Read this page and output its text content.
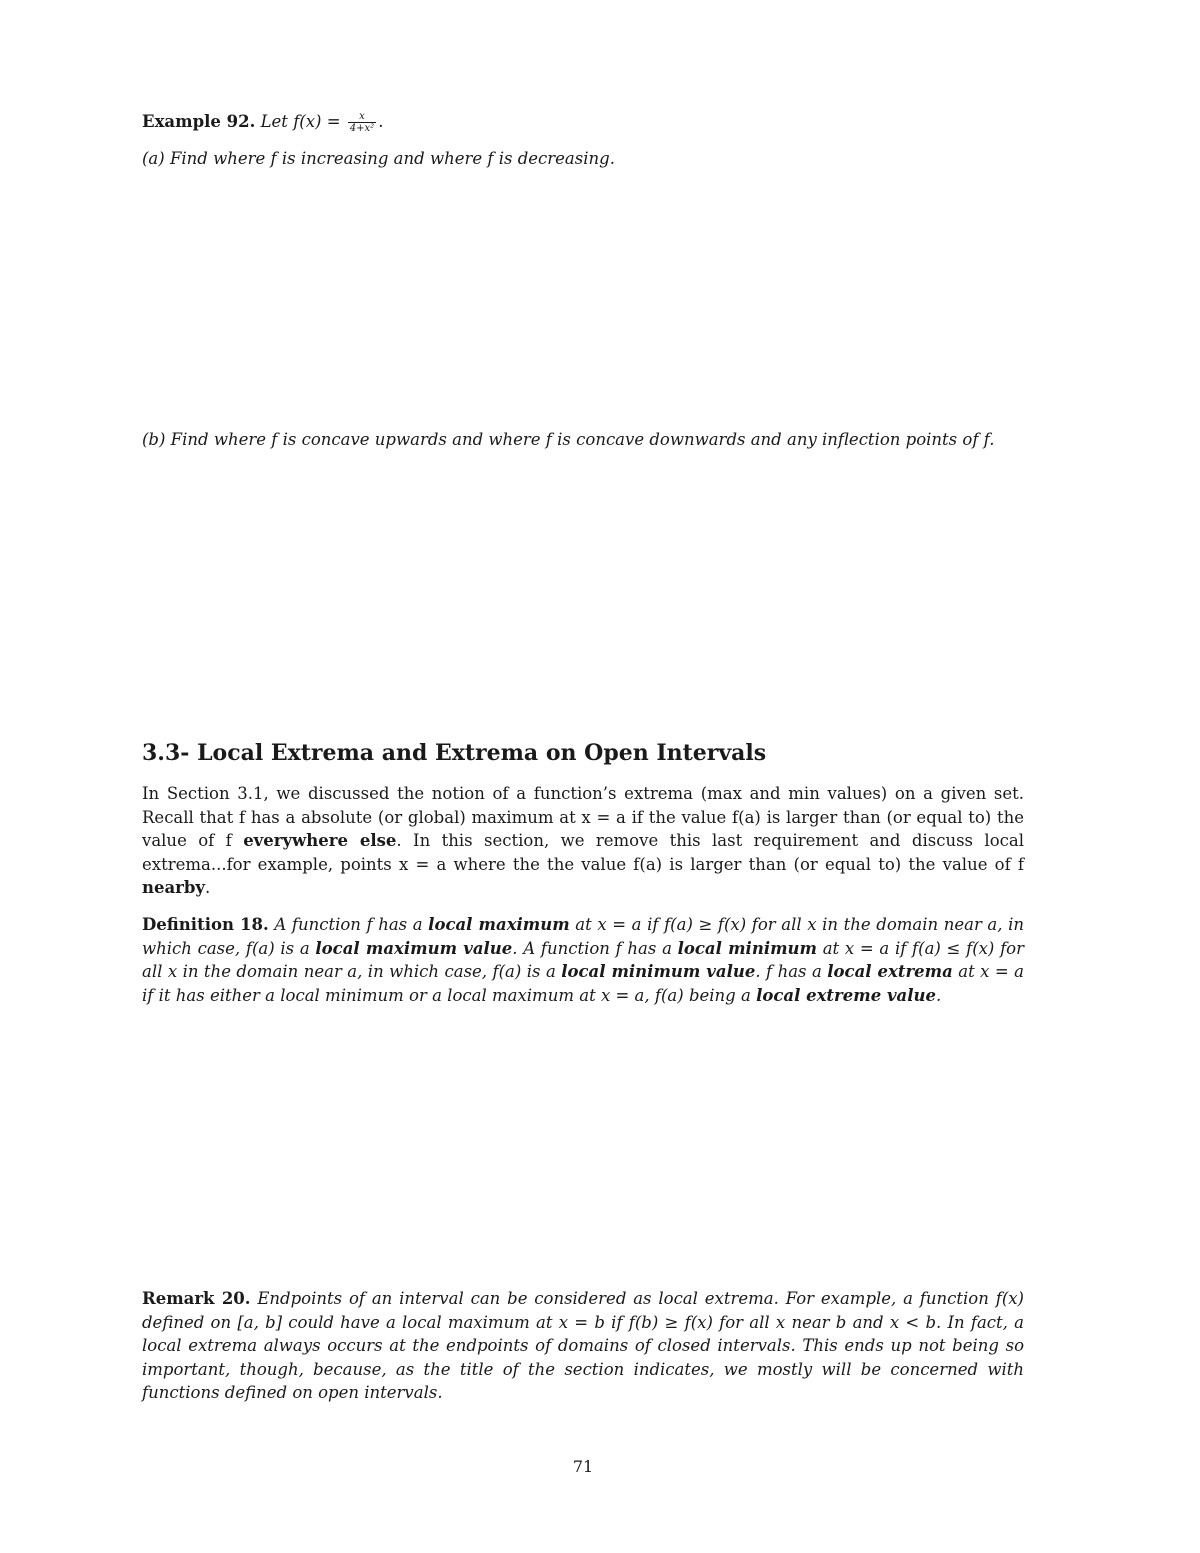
Example 92. Let $f(x) = \frac{x}{\text{4+x²}}$ .
(a) Find where f is increasing and where f is decreasing.
(b) Find where f is concave upwards and where f is concave downwards and any inflection points of f.
3.3- Local Extrema and Extrema on Open Intervals
In Section 3.1, we discussed the notion of a function’s extrema (max and min values) on a given set. Recall that f has a absolute (or global) maximum at x = a if the value f(a) is larger than (or equal to) the value of f everywhere else. In this section, we remove this last requirement and discuss local extrema...for example, points x = a where the the value f(a) is larger than (or equal to) the value of f nearby.
Definition 18. A function f has a local maximum at x = a if f(a) ≥ f(x) for all x in the domain near a, in which case, f(a) is a local maximum value. A function f has a local minimum at x = a if f(a) ≤ f(x) for all x in the domain near a, in which case, f(a) is a local minimum value. f has a local extrema at x = a if it has either a local minimum or a local maximum at x = a, f(a) being a local extreme value.
Remark 20. Endpoints of an interval can be considered as local extrema. For example, a function f(x) defined on [a, b] could have a local maximum at x = b if f(b) ≥ f(x) for all x near b and x < b. In fact, a local extrema always occurs at the endpoints of domains of closed intervals. This ends up not being so important, though, because, as the title of the section indicates, we mostly will be concerned with functions defined on open intervals.
71
